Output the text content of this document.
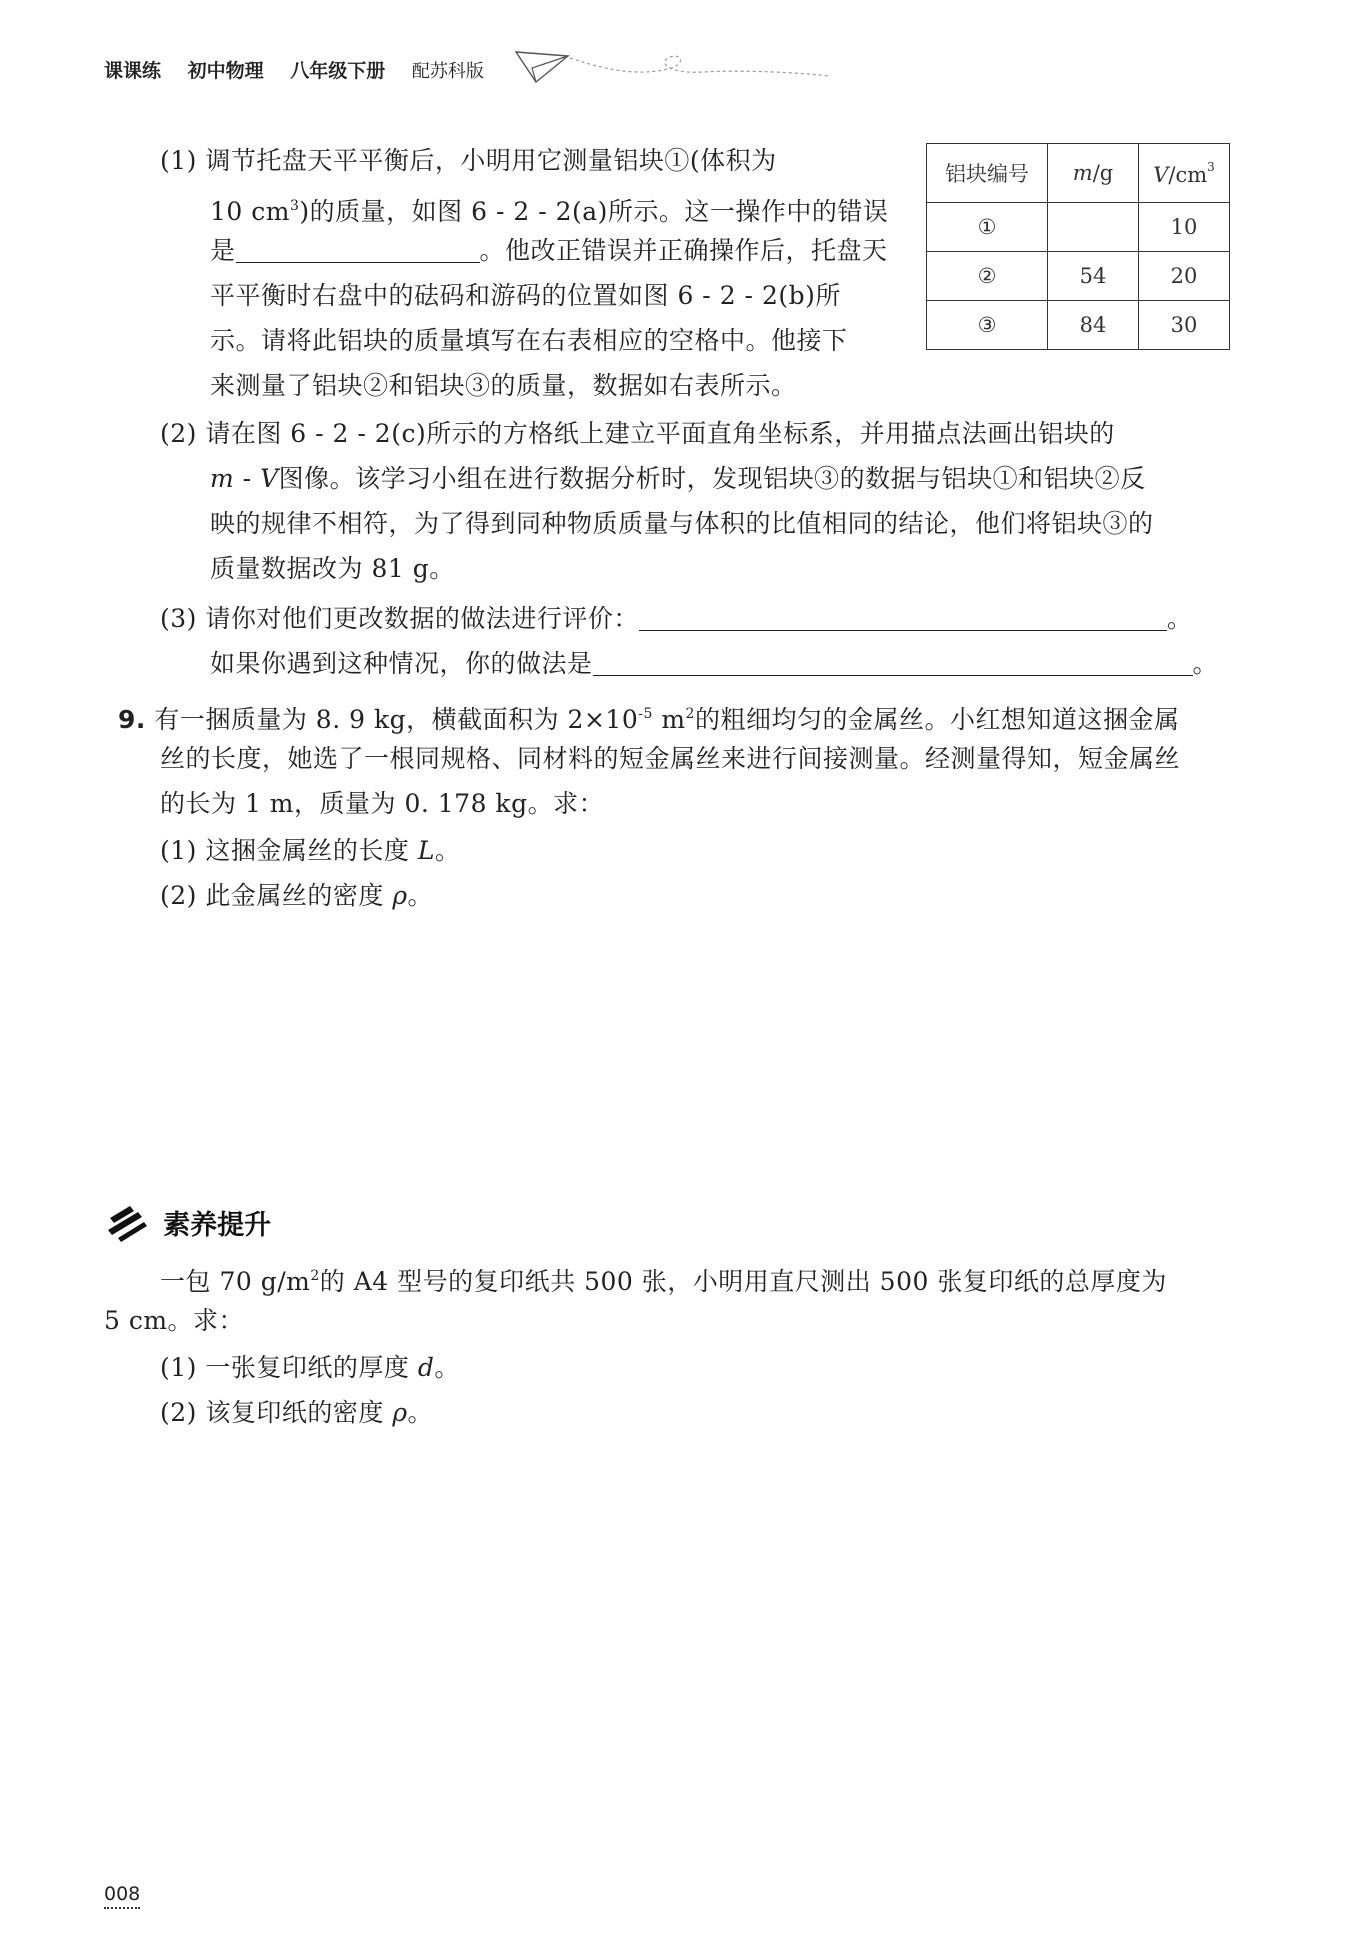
课课练 初中物理 八年级下册 配苏科版
(1) 调节托盘天平平衡后，小明用它测量铝块①(体积为
10 $cm^3$)的质量，如图 6 - 2 - 2(a)所示。这一操作中的错误
是	。他改正错误并正确操作后，托盘天
平平衡时右盘中的砝码和游码的位置如图 6 - 2 - 2(b)所
示。请将此铝块的质量填写在右表相应的空格中。他接下
来测量了铝块②和铝块③的质量，数据如右表所示。
铝块编号	m/g	$V/cm^3$
①		10
②	54	20
③	84	30
(2) 请在图 6 - 2 - 2(c)所示的方格纸上建立平面直角坐标系，并用描点法画出铝块的
m - V图像。该学习小组在进行数据分析时，发现铝块③的数据与铝块①和铝块②反
映的规律不相符，为了得到同种物质质量与体积的比值相同的结论，他们将铝块③的
质量数据改为 81 g。
(3) 请你对他们更改数据的做法进行评价：	。
如果你遇到这种情况，你的做法是	。
9. 有一捆质量为 8. 9 kg，横截面积为 $2\times 10^{-5}$ $m^2$的粗细均匀的金属丝。小红想知道这捆金属
丝的长度，她选了一根同规格、同材料的短金属丝来进行间接测量。经测量得知，短金属丝
的长为 1 m，质量为 0. 178 kg。求：
(1) 这捆金属丝的长度 L。
(2) 此金属丝的密度 ρ。
素养提升
一包 70 $g/m^2$的 A4 型号的复印纸共 500 张，小明用直尺测出 500 张复印纸的总厚度为
5 cm。求：
(1) 一张复印纸的厚度 d。
(2) 该复印纸的密度 ρ。
008
